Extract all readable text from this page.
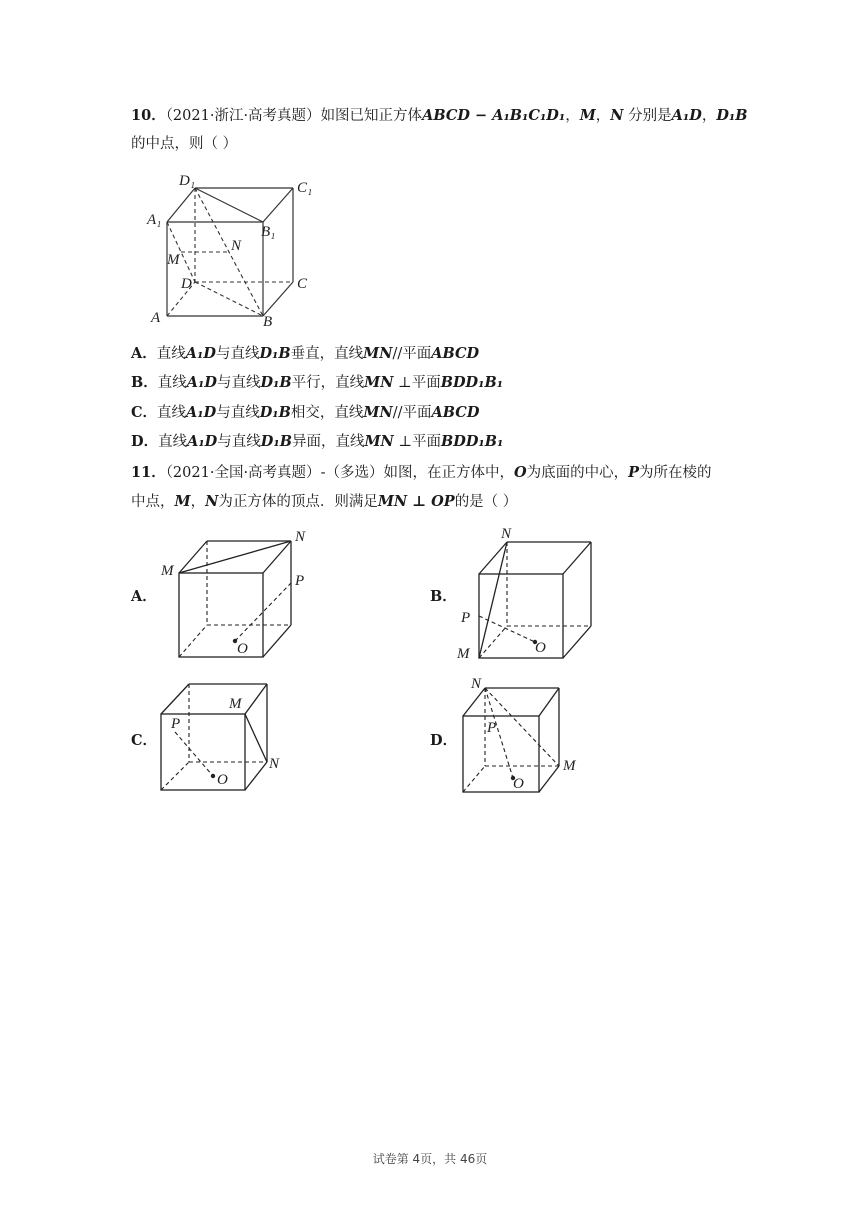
10．（2021·浙江·高考真题）如图已知正方体ABCD − A₁B₁C₁D₁，M，N 分别是A₁D，D₁B
的中点，则（ ）
D₁	C₁
A₁
B₁
N
M
D	C
A	B
A．直线A₁D与直线D₁B垂直，直线MN//平面ABCD
B．直线A₁D与直线D₁B平行，直线MN ⊥平面BDD₁B₁
C．直线A₁D与直线D₁B相交，直线MN//平面ABCD
D．直线A₁D与直线D₁B异面，直线MN ⊥平面BDD₁B₁
11．（2021·全国·高考真题）-（多选）如图，在正方体中，O为底面的中心，P为所在棱的
中点，M，N为正方体的顶点．则满足MN ⊥ OP的是（ ）
A．	B．
C．	D．
M
N
P
O
N
P
M	O
M
P
N
O
N
P
M
O
试卷第 4页，共 46页
